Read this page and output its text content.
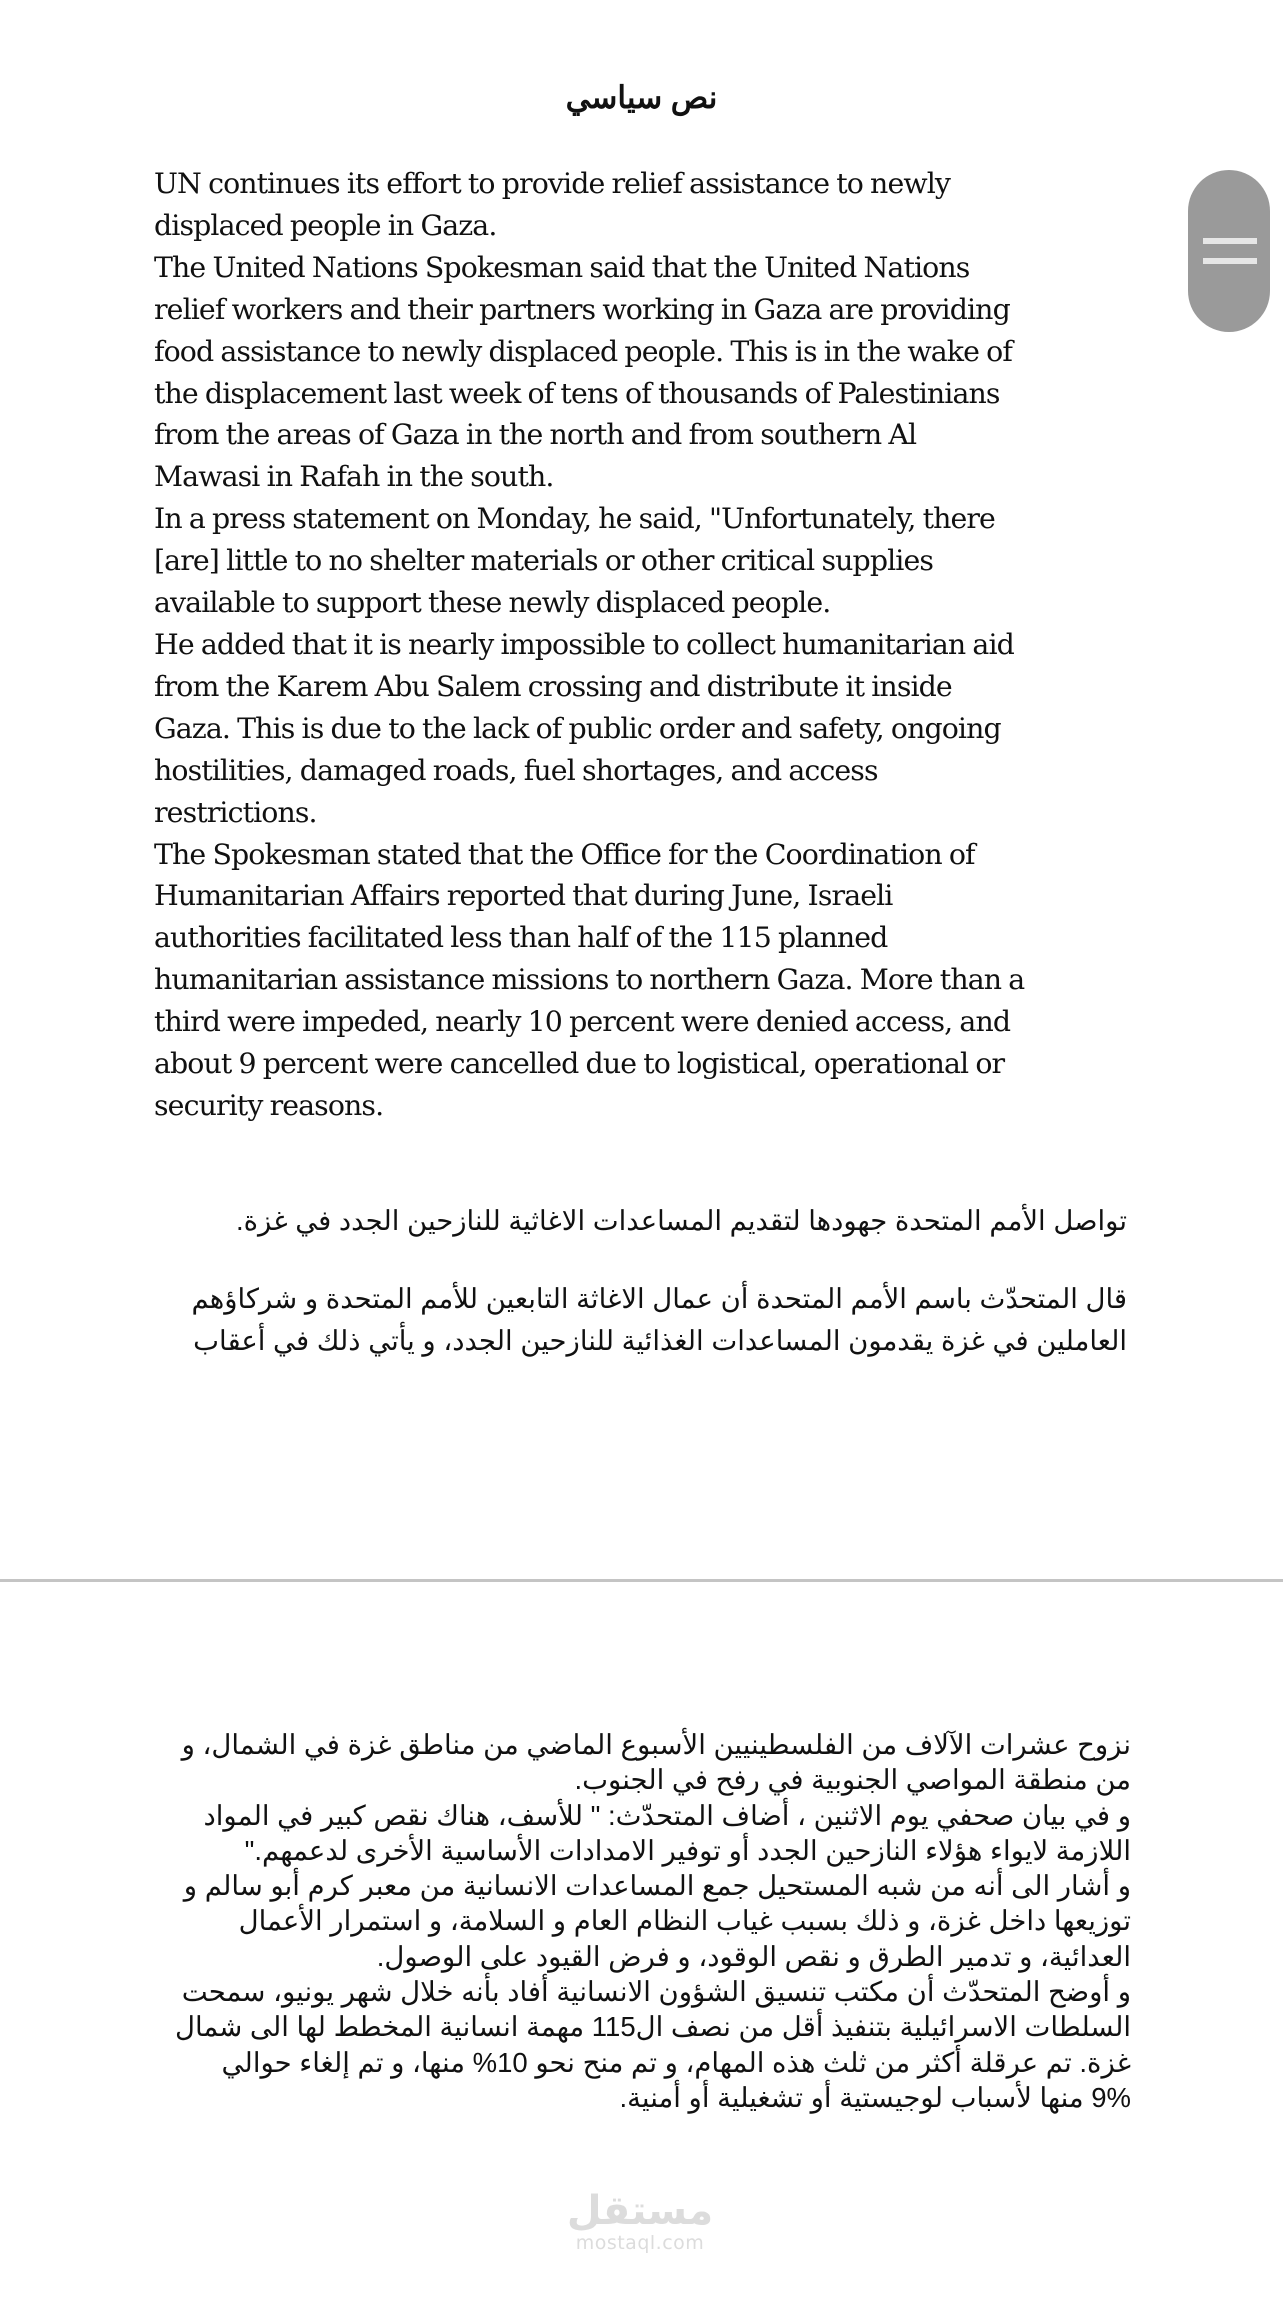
نص سياسي

UN continues its effort to provide relief assistance to newly
displaced people in Gaza.

The United Nations Spokesman said that the United Nations
relief workers and their partners working in Gaza are providing
food assistance to newly displaced people. This is in the wake of
the displacement last week of tens of thousands of Palestinians
from the areas of Gaza in the north and from southern Al
Mawasi in Rafah in the south.

In a press statement on Monday, he said, "Unfortunately, there
[are] little to no shelter materials or other critical supplies
available to support these newly displaced people.

He added that it is nearly impossible to collect humanitarian aid
from the Karem Abu Salem crossing and distribute it inside
Gaza. This is due to the lack of public order and safety, ongoing
hostilities, damaged roads, fuel shortages, and access
restrictions.

The Spokesman stated that the Office for the Coordination of
Humanitarian Affairs reported that during June, Israeli
authorities facilitated less than half of the 115 planned
humanitarian assistance missions to northern Gaza. More than a
third were impeded, nearly 10 percent were denied access, and
about 9 percent were cancelled due to logistical, operational or
security reasons.

تواصل الأمم المتحدة جهودها لتقديم المساعدات الاغاثية للنازحين الجدد في غزة.

قال المتحدّث باسم الأمم المتحدة أن عمال الاغاثة التابعين للأمم المتحدة و شركاؤهم
العاملين في غزة يقدمون المساعدات الغذائية للنازحين الجدد، و يأتي ذلك في أعقاب

نزوح عشرات الآلاف من الفلسطينيين الأسبوع الماضي من مناطق غزة في الشمال، و
من منطقة المواصي الجنوبية في رفح في الجنوب.
و في بيان صحفي يوم الاثنين ، أضاف المتحدّث: " للأسف، هناك نقص كبير في المواد
اللازمة لايواء هؤلاء النازحين الجدد أو توفير الامدادات الأساسية الأخرى لدعمهم."
و أشار الى أنه من شبه المستحيل جمع المساعدات الانسانية من معبر كرم أبو سالم و
توزيعها داخل غزة، و ذلك بسبب غياب النظام العام و السلامة، و استمرار الأعمال
العدائية، و تدمير الطرق و نقص الوقود، و فرض القيود على الوصول.
و أوضح المتحدّث أن مكتب تنسيق الشؤون الانسانية أفاد بأنه خلال شهر يونيو، سمحت
السلطات الاسرائيلية بتنفيذ أقل من نصف ال115 مهمة انسانية المخطط لها الى شمال
غزة. تم عرقلة أكثر من ثلث هذه المهام، و تم منح نحو 10% منها، و تم إلغاء حوالي
9% منها لأسباب لوجيستية أو تشغيلية أو أمنية.

مستقل
mostaql.com
